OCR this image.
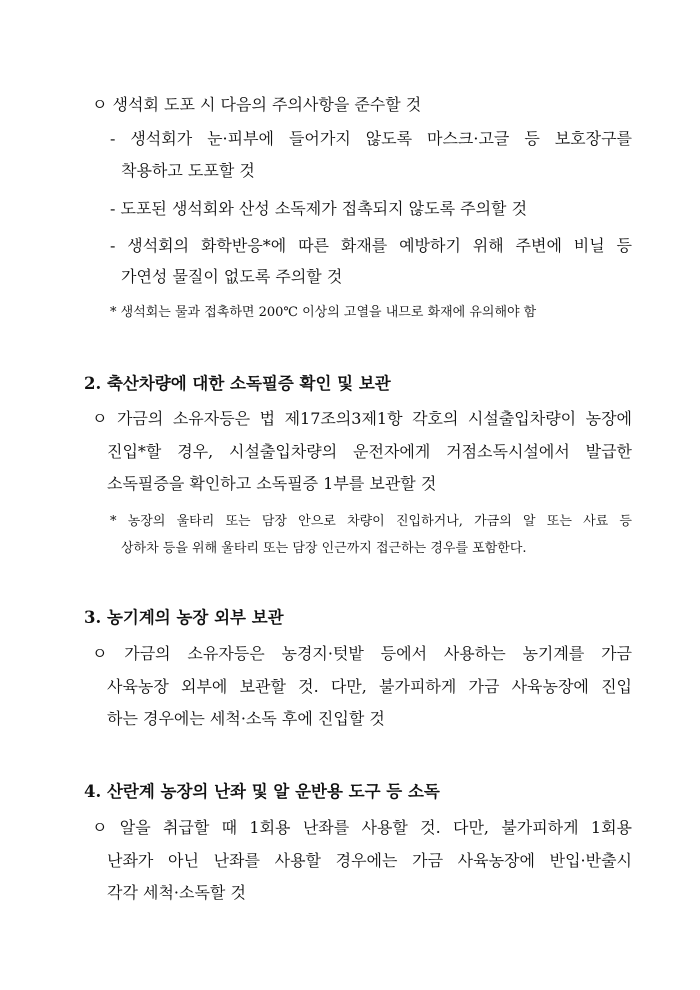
ㅇ 생석회 도포 시 다음의 주의사항을 준수할 것
- 생석회가 눈·피부에 들어가지 않도록 마스크·고글 등 보호장구를
착용하고 도포할 것
- 도포된 생석회와 산성 소독제가 접촉되지 않도록 주의할 것
- 생석회의 화학반응*에 따른 화재를 예방하기 위해 주변에 비닐 등
가연성 물질이 없도록 주의할 것
* 생석회는 물과 접촉하면 200℃ 이상의 고열을 내므로 화재에 유의해야 함
2. 축산차량에 대한 소독필증 확인 및 보관
ㅇ 가금의 소유자등은 법 제17조의3제1항 각호의 시설출입차량이 농장에
진입*할 경우, 시설출입차량의 운전자에게 거점소독시설에서 발급한
소독필증을 확인하고 소독필증 1부를 보관할 것
* 농장의 울타리 또는 담장 안으로 차량이 진입하거나, 가금의 알 또는 사료 등
상하차 등을 위해 울타리 또는 담장 인근까지 접근하는 경우를 포함한다.
3. 농기계의 농장 외부 보관
ㅇ 가금의 소유자등은 농경지·텃밭 등에서 사용하는 농기계를 가금
사육농장 외부에 보관할 것. 다만, 불가피하게 가금 사육농장에 진입
하는 경우에는 세척·소독 후에 진입할 것
4. 산란계 농장의 난좌 및 알 운반용 도구 등 소독
ㅇ 알을 취급할 때 1회용 난좌를 사용할 것. 다만, 불가피하게 1회용
난좌가 아닌 난좌를 사용할 경우에는 가금 사육농장에 반입·반출시
각각 세척·소독할 것
